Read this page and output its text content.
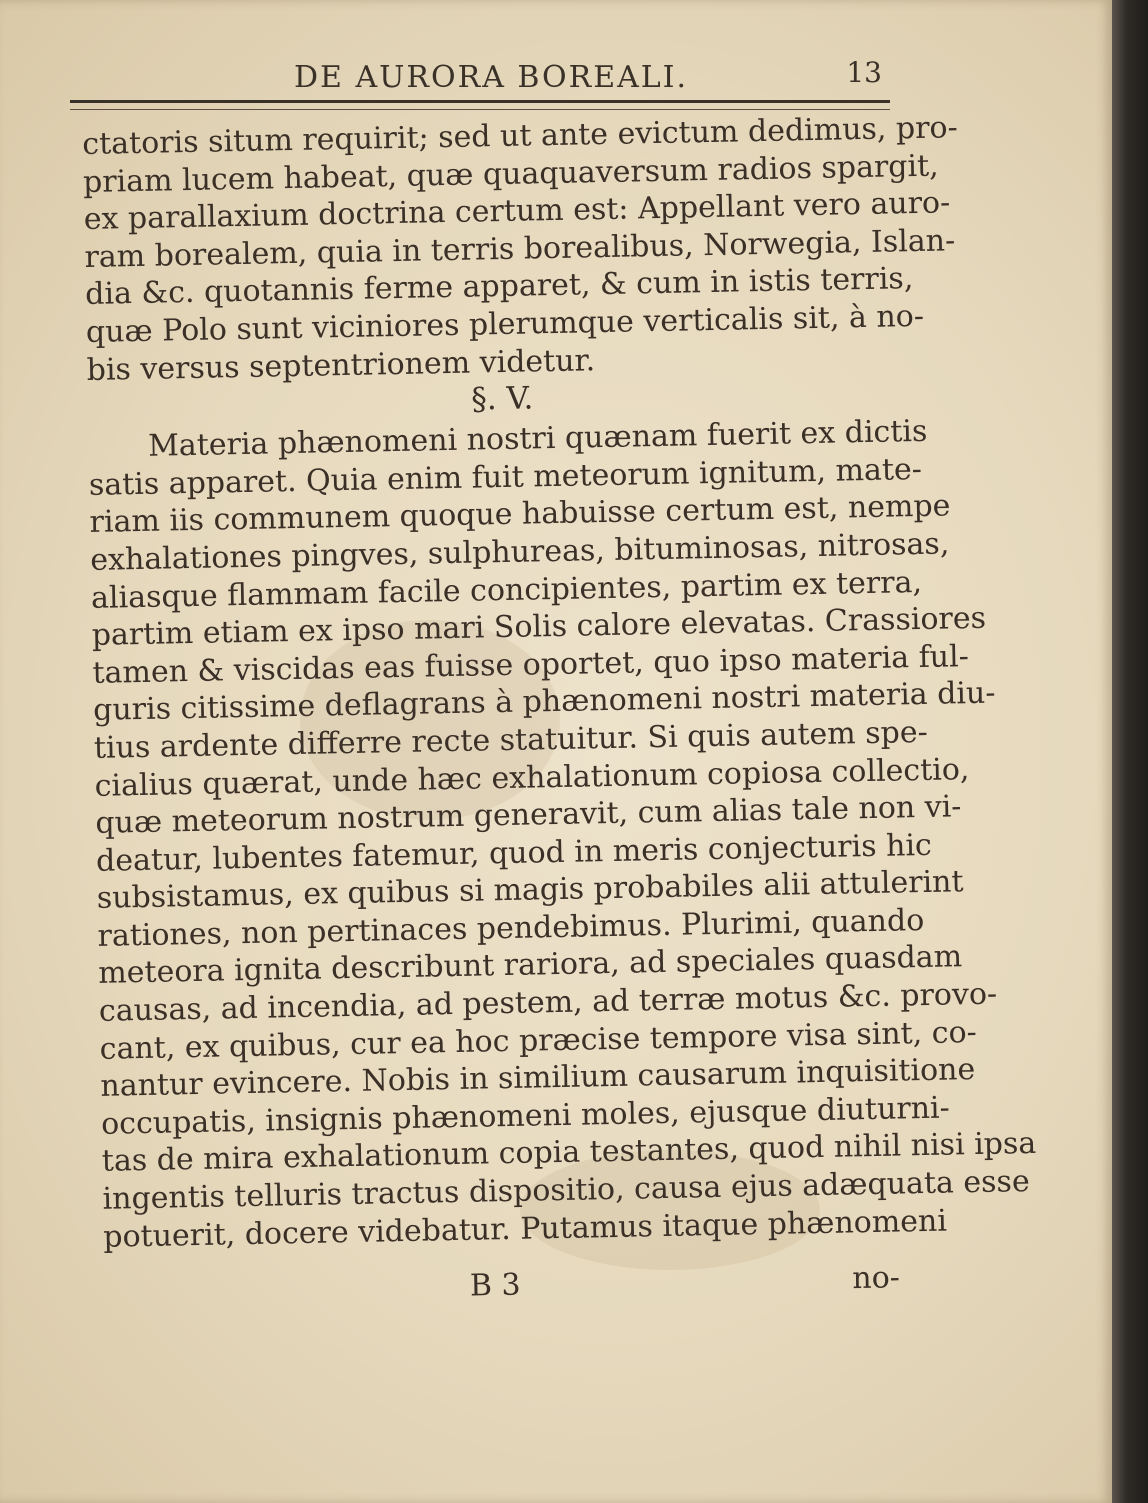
DE AURORA BOREALI.	13
ctatoris situm requirit; sed ut ante evictum dedimus, pro-
priam lucem habeat, quæ quaquaversum radios spargit,
ex parallaxium doctrina certum est: Appellant vero auro-
ram borealem, quia in terris borealibus, Norwegia, Islan-
dia &c. quotannis ferme apparet, & cum in istis terris,
quæ Polo sunt viciniores plerumque verticalis sit, à no-
bis versus septentrionem videtur.
§. V.
Materia phænomeni nostri quænam fuerit ex dictis
satis apparet. Quia enim fuit meteorum ignitum, mate-
riam iis communem quoque habuisse certum est, nempe
exhalationes pingves, sulphureas, bituminosas, nitrosas,
aliasque flammam facile concipientes, partim ex terra,
partim etiam ex ipso mari Solis calore elevatas. Crassiores
tamen & viscidas eas fuisse oportet, quo ipso materia ful-
guris citissime deflagrans à phænomeni nostri materia diu-
tius ardente differre recte statuitur. Si quis autem spe-
cialius quærat, unde hæc exhalationum copiosa collectio,
quæ meteorum nostrum generavit, cum alias tale non vi-
deatur, lubentes fatemur, quod in meris conjecturis hic
subsistamus, ex quibus si magis probabiles alii attulerint
rationes, non pertinaces pendebimus. Plurimi, quando
meteora ignita describunt rariora, ad speciales quasdam
causas, ad incendia, ad pestem, ad terræ motus &c. provo-
cant, ex quibus, cur ea hoc præcise tempore visa sint, co-
nantur evincere. Nobis in similium causarum inquisitione
occupatis, insignis phænomeni moles, ejusque diuturni-
tas de mira exhalationum copia testantes, quod nihil nisi ipsa
ingentis telluris tractus dispositio, causa ejus adæquata esse
potuerit, docere videbatur. Putamus itaque phænomeni
B 3	no-
